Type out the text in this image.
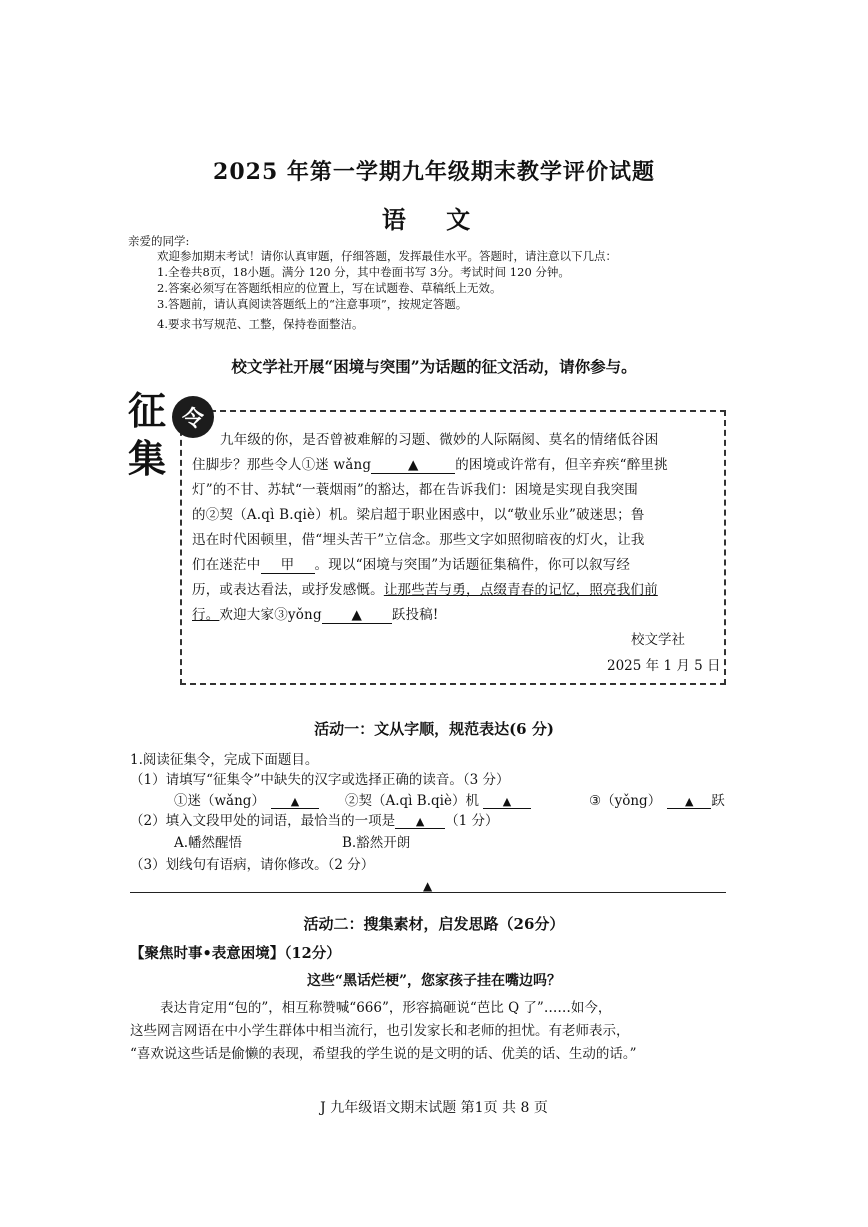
2025 年第一学期九年级期末教学评价试题
语 文
亲爱的同学:
欢迎参加期末考试！请你认真审题，仔细答题，发挥最佳水平。答题时，请注意以下几点：
1.全卷共8页，18小题。满分 120 分，其中卷面书写 3分。考试时间 120 分钟。
2.答案必须写在答题纸相应的位置上，写在试题卷、草稿纸上无效。
3.答题前，请认真阅读答题纸上的“注意事项”，按规定答题。
4.要求书写规范、工整，保持卷面整洁。
校文学社开展“困境与突围”为话题的征文活动，请你参与。
征 令
集	九年级的你，是否曾被难解的习题、微妙的人际隔阂、莫名的情绪低谷困
住脚步？那些令人①迷 wǎng	▲	的困境或许常有，但辛弃疾“醉里挑
灯”的不甘、苏轼“一蓑烟雨”的豁达，都在告诉我们：困境是实现自我突围
的②契（A.qì B.qiè）机。梁启超于职业困惑中，以“敬业乐业”破迷思；鲁
迅在时代困顿里，借“埋头苦干”立信念。那些文字如照彻暗夜的灯火，让我
们在迷茫中 甲 。现以“困境与突围”为话题征集稿件，你可以叙写经
历，或表达看法，或抒发感慨。让那些苦与勇，点缀青春的记忆，照亮我们前
行。欢迎大家③yǒng ▲ 跃投稿!
校文学社
2025 年 1 月 5 日
活动一：文从字顺，规范表达(6 分)
1.阅读征集令，完成下面题目。
（1）请填写“征集令”中缺失的汉字或选择正确的读音。（3 分）
①迷（wǎng） ▲	②契（A.qì B.qiè）机 ▲	③（yǒng） ▲ 跃
（2）填入文段甲处的词语，最恰当的一项是 ▲ （1 分）
A.幡然醒悟	B.豁然开朗
（3）划线句有语病，请你修改。（2 分）
▲
活动二：搜集素材，启发思路（26分）
【聚焦时事•表意困境】（12分）
这些“黑话烂梗”，您家孩子挂在嘴边吗？
表达肯定用“包的”，相互称赞喊“666”，形容搞砸说“芭比 Q 了”……如今，
这些网言网语在中小学生群体中相当流行，也引发家长和老师的担忧。有老师表示，
“喜欢说这些话是偷懒的表现，希望我的学生说的是文明的话、优美的话、生动的话。”
J 九年级语文期末试题 第1页 共 8 页
